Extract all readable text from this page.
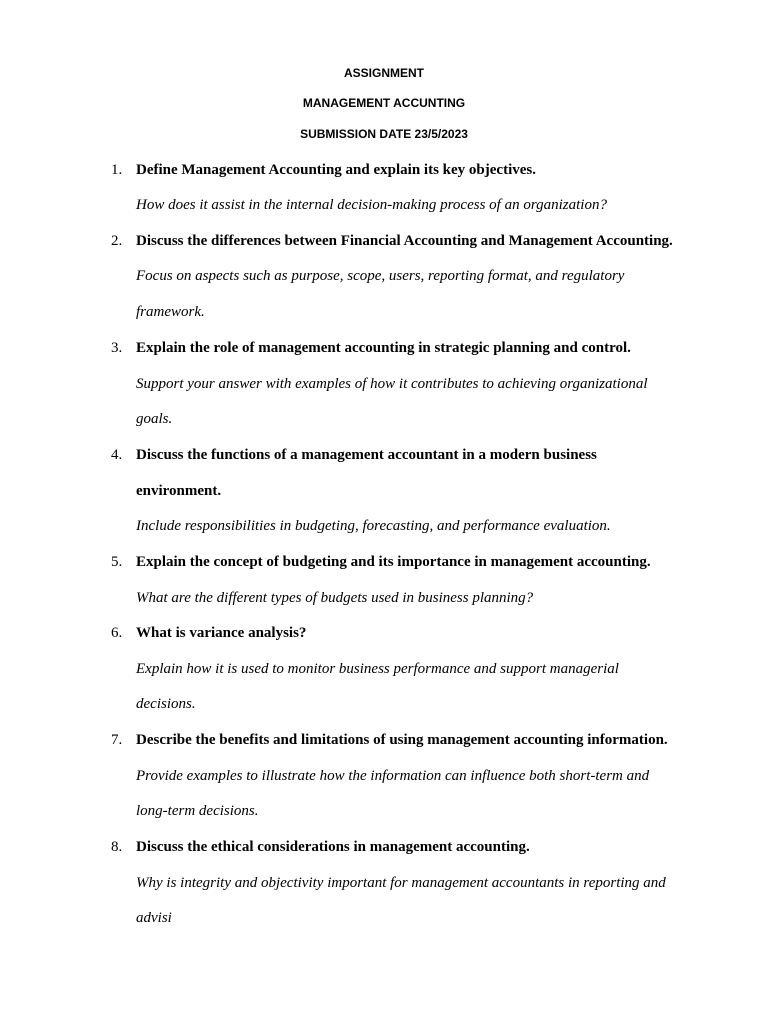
ASSIGNMENT
MANAGEMENT ACCUNTING
SUBMISSION DATE 23/5/2023
1. Define Management Accounting and explain its key objectives.
How does it assist in the internal decision-making process of an organization?
2. Discuss the differences between Financial Accounting and Management Accounting.
Focus on aspects such as purpose, scope, users, reporting format, and regulatory
framework.
3. Explain the role of management accounting in strategic planning and control.
Support your answer with examples of how it contributes to achieving organizational
goals.
4. Discuss the functions of a management accountant in a modern business
environment.
Include responsibilities in budgeting, forecasting, and performance evaluation.
5. Explain the concept of budgeting and its importance in management accounting.
What are the different types of budgets used in business planning?
6. What is variance analysis?
Explain how it is used to monitor business performance and support managerial
decisions.
7. Describe the benefits and limitations of using management accounting information.
Provide examples to illustrate how the information can influence both short-term and
long-term decisions.
8. Discuss the ethical considerations in management accounting.
Why is integrity and objectivity important for management accountants in reporting and
advisi
